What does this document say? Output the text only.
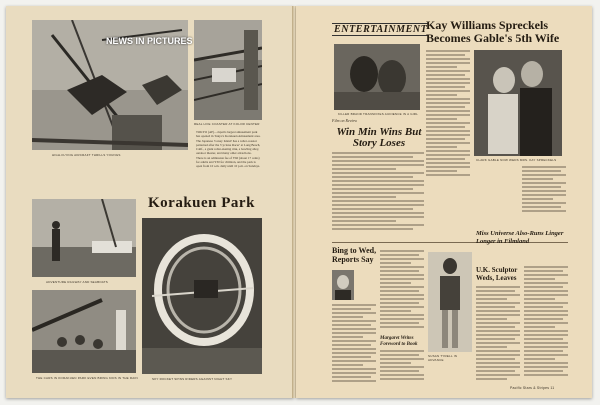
NEWS IN PICTURES
HIGH-FLYING AIRCRAFT THRILLS YOUNGS
REAL LIFE COASTER AT KOLOR CENTER
TOKYO (AP)—Japan's largest amusement park has opened in Tokyo's Korakuen Amusement area.
The Japanese 'Coney Island' has a roller-coaster patterned after the 'Cyclone Racer' at Long Beach, Calif., a giant roller-skating rink, a bowling alley, outdoor theater, and many other attractions.
There is an admission fee of Y60 (about 17 cents) for adults and Y30 for children, and the park is open from 10 a.m. daily until 10 p.m. on Sundays.
Korakuen Park
ADVENTURE RAILWAY AND SEABOATS
SKY ROCKET SPINS RIDERS AGAINST NIGHT SKY
THE CARS IN KORAKUEN PARK EVEN BRING KIDS IN THE RAIN
ENTERTAINMENT
Kay Williams Spreckels Becomes Gable's 5th Wife
KILLER BRAND TRANSFIXES AUDIENCE IN A GIRL
Film on Review
Win Min Wins But Story Loses
CLARK GABLE NOW WEDS MRS. KAY SPRECKELS
Bing to Wed, Reports Say
Margaret Writes Foreword to Book
SUSAN TYRELL IN ADVANCE
U.K. Sculptor Weds, Leaves
Miss Universe Also-Runs Linger Longer in Filmland
Pacific Stars & Stripes 11
